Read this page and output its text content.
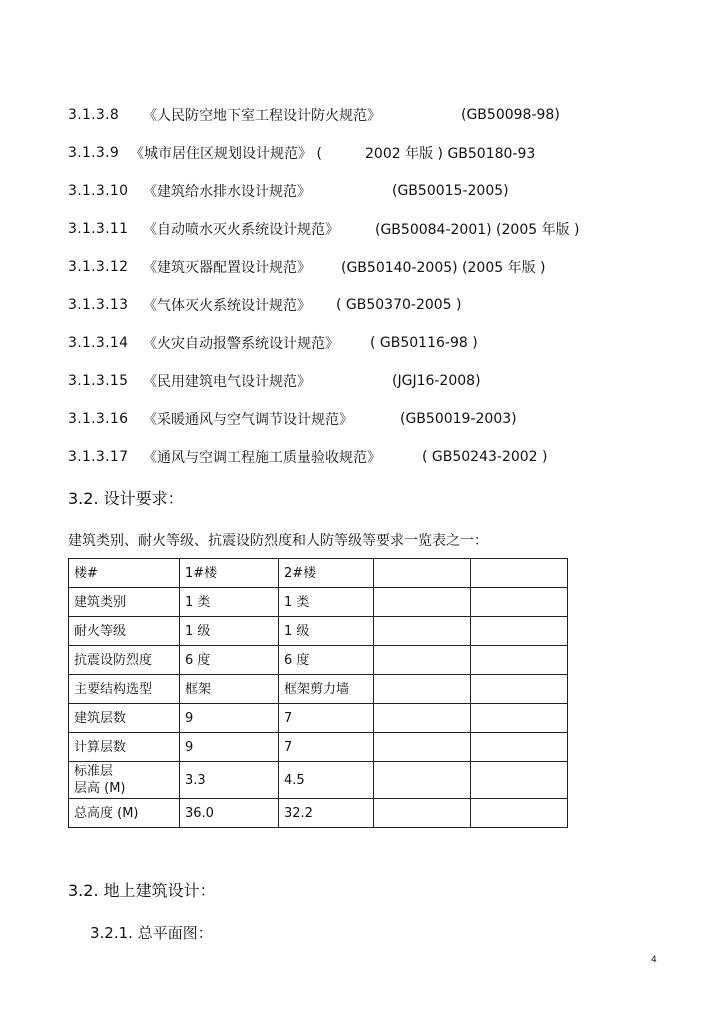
3.1.3.8	《人民防空地下室工程设计防火规范》	(GB50098-98)
3.1.3.9 《城市居住区规划设计规范》 (	2002 年版 ) GB50180-93
3.1.3.10	《建筑给水排水设计规范》	(GB50015-2005)
3.1.3.11	《自动喷水灭火系统设计规范》	(GB50084-2001) (2005 年版 )
3.1.3.12	《建筑灭器配置设计规范》 (GB50140-2005) (2005 年版 )
3.1.3.13	《气体灭火系统设计规范》 ( GB50370-2005 )
3.1.3.14	《火灾自动报警系统设计规范》 ( GB50116-98 )
3.1.3.15	《民用建筑电气设计规范》	(JGJ16-2008)
3.1.3.16	《采暖通风与空气调节设计规范》	(GB50019-2003)
3.1.3.17	《通风与空调工程施工质量验收规范》	( GB50243-2002 )
3.2. 设计要求：
建筑类别、耐火等级、抗震设防烈度和人防等级等要求一览表之一：
楼#	1#楼	2#楼		
建筑类别	1 类	1 类		
耐火等级	1 级	1 级		
抗震设防烈度	6 度	6 度		
主要结构选型	框架	框架剪力墙		
建筑层数	9	7		
计算层数	9	7		
标准层
层高 (M)	3.3	4.5		
总高度 (M)	36.0	32.2		
3.2. 地上建筑设计：
3.2.1. 总平面图：
4
